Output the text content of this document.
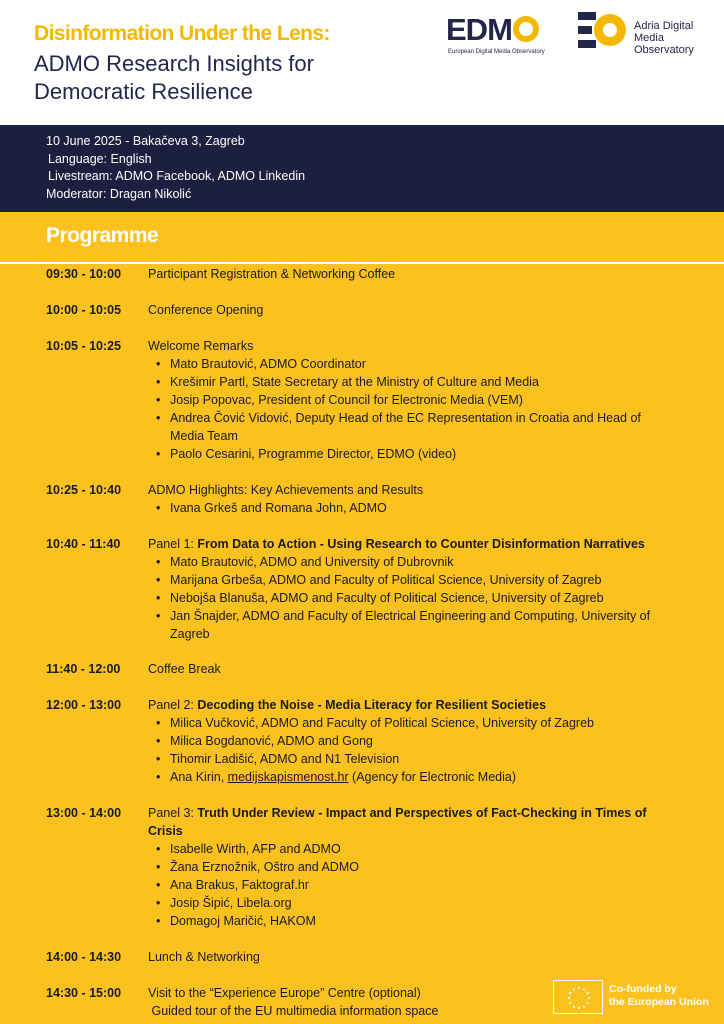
Disinformation Under the Lens:
ADMO Research Insights for Democratic Resilience
EDM
European Digital Media Observatory
Adria Digital Media Observatory
10 June 2025 - Bakačeva 3, Zagreb
Language: English
Livestream: ADMO Facebook, ADMO Linkedin
Moderator: Dragan Nikolić
Programme
09:30 - 10:00 Participant Registration & Networking Coffee
10:00 - 10:05 Conference Opening
10:05 - 10:25 Welcome Remarks
• Mato Brautović, ADMO Coordinator
• Krešimir Partl, State Secretary at the Ministry of Culture and Media
• Josip Popovac, President of Council for Electronic Media (VEM)
• Andrea Čović Vidović, Deputy Head of the EC Representation in Croatia and Head of Media Team
• Paolo Cesarini, Programme Director, EDMO (video)
10:25 - 10:40 ADMO Highlights: Key Achievements and Results
• Ivana Grkeš and Romana John, ADMO
10:40 - 11:40 Panel 1: From Data to Action - Using Research to Counter Disinformation Narratives
• Mato Brautović, ADMO and University of Dubrovnik
• Marijana Grbeša, ADMO and Faculty of Political Science, University of Zagreb
• Nebojša Blanuša, ADMO and Faculty of Political Science, University of Zagreb
• Jan Šnajder, ADMO and Faculty of Electrical Engineering and Computing, University of Zagreb
11:40 - 12:00 Coffee Break
12:00 - 13:00 Panel 2: Decoding the Noise - Media Literacy for Resilient Societies
• Milica Vučković, ADMO and Faculty of Political Science, University of Zagreb
• Milica Bogdanović, ADMO and Gong
• Tihomir Ladišić, ADMO and N1 Television
• Ana Kirin, medijskapismenost.hr (Agency for Electronic Media)
13:00 - 14:00 Panel 3: Truth Under Review - Impact and Perspectives of Fact-Checking in Times of Crisis
• Isabelle Wirth, AFP and ADMO
• Žana Erznožnik, Oštro and ADMO
• Ana Brakus, Faktograf.hr
• Josip Šipić, Libela.org
• Domagoj Maričić, HAKOM
14:00 - 14:30 Lunch & Networking
14:30 - 15:00 Visit to the “Experience Europe” Centre (optional)
Guided tour of the EU multimedia information space
Co-funded by
the European Union
